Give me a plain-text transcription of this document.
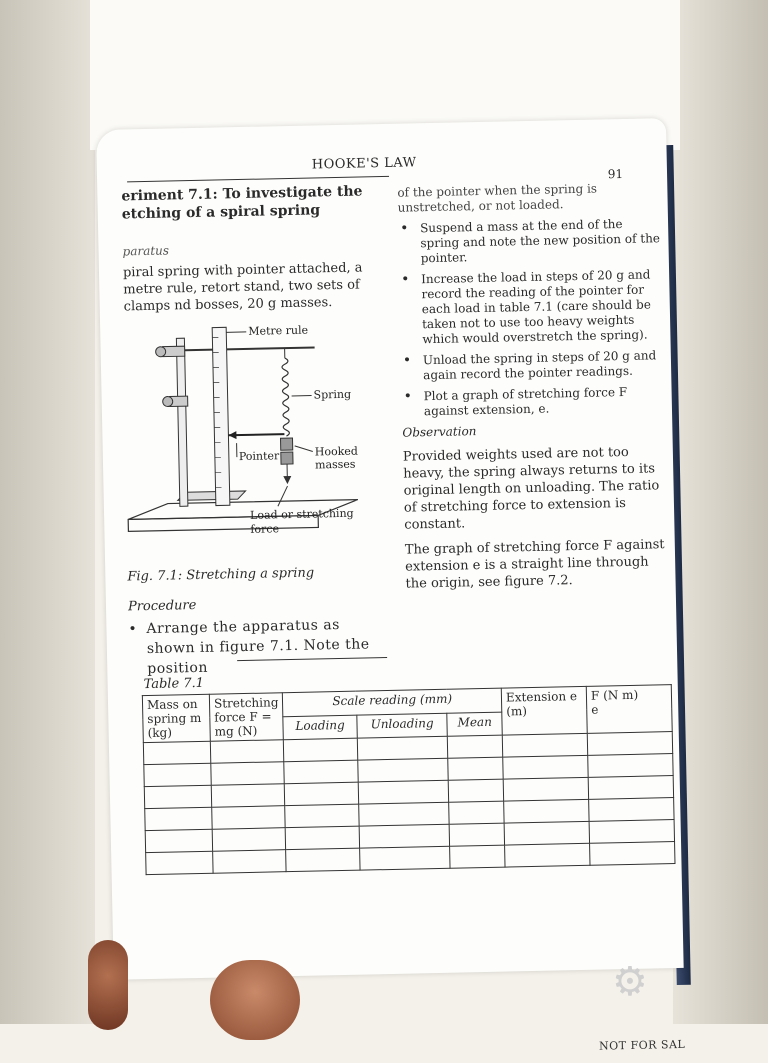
HOOKE'S LAW
91

eriment 7.1: To investigate the

etching of a spiral spring

paratus
piral spring with pointer attached, a metre rule, retort stand, two sets of clamps nd bosses, 20 g masses.
Metre rule
Spring
Pointer	Hooked
masses
Load or stretching
force
Fig. 7.1: Stretching a spring
Procedure
• Arrange the apparatus as shown in figure 7.1. Note the position
of the pointer when the spring is unstretched, or not loaded.
• Suspend a mass at the end of the spring and note the new position of the pointer.
• Increase the load in steps of 20 g and record the reading of the pointer for each load in table 7.1 (care should be taken not to use too heavy weights which would overstretch the spring).
• Unload the spring in steps of 20 g and again record the pointer readings.
• Plot a graph of stretching force F against extension, e.
Observation

Provided weights used are not too heavy, the spring always returns to its original length on unloading. The ratio of stretching force to extension is constant.

The graph of stretching force F against extension e is a straight line through the origin, see figure 7.2.

Table 7.1
Mass on spring m (kg)	Stretching force F = mg (N)	Scale reading (mm)			Extension e (m)	F (N m)
e
		Loading	Unloading	Mean		

NOT FOR SAL
⚙
